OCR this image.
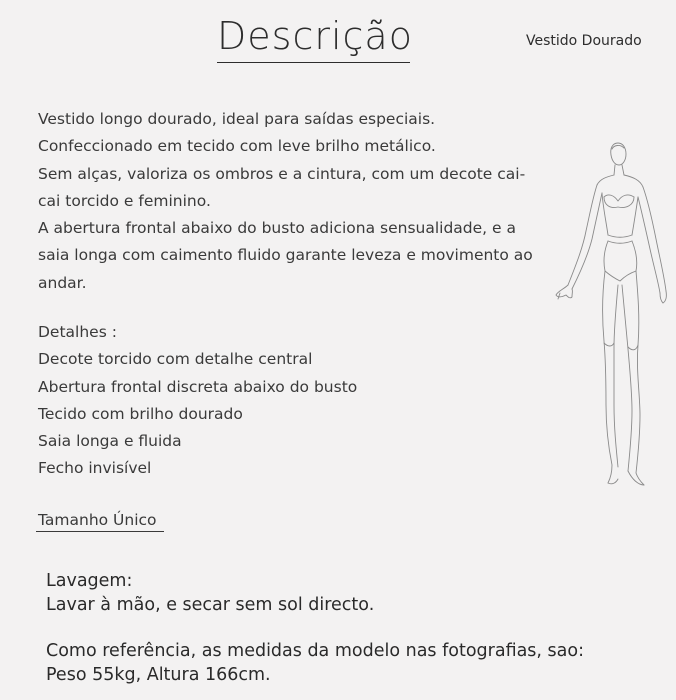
Descrição	Vestido Dourado

Vestido longo dourado, ideal para saídas especiais.

Confeccionado em tecido com leve brilho metálico.

Sem alças, valoriza os ombros e a cintura, com um decote cai-

cai torcido e feminino.

A abertura frontal abaixo do busto adiciona sensualidade, e a

saia longa com caimento fluido garante leveza e movimento ao

andar.

Detalhes :
Decote torcido com detalhe central
Abertura frontal discreta abaixo do busto
Tecido com brilho dourado
Saia longa e fluida
Fecho invisível
Tamanho Único

Lavagem:

Lavar à mão, e secar sem sol directo.

Como referência, as medidas da modelo nas fotografias, sao:

Peso 55kg, Altura 166cm.
